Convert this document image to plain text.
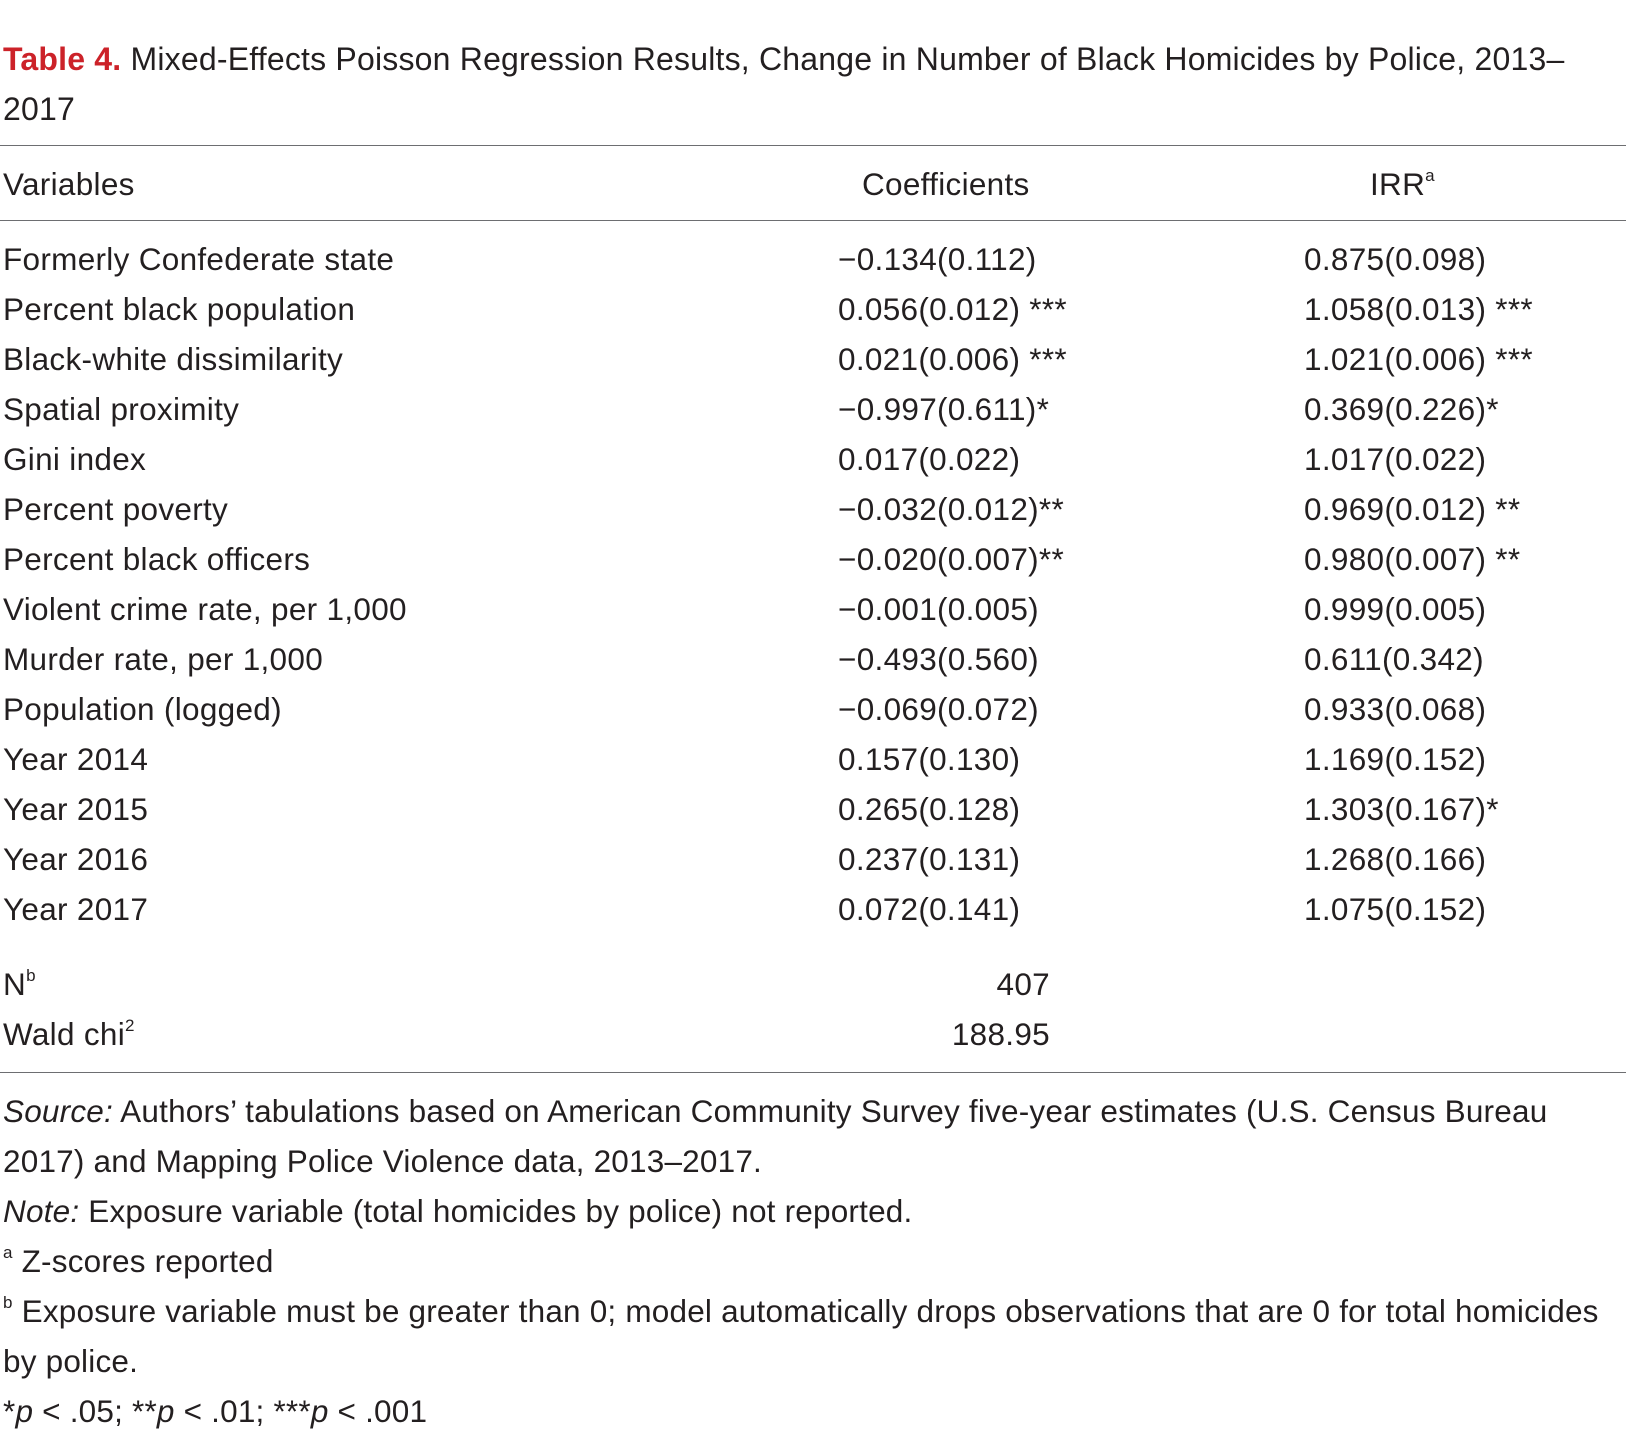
Table 4. Mixed-Effects Poisson Regression Results, Change in Number of Black Homicides by Police, 2013–2017
Variables	Coefficients	IRR$^a$
Formerly Confederate state	−0.134(0.112)	0.875(0.098)
Percent black population	0.056(0.012) ***	1.058(0.013) ***
Black-white dissimilarity	0.021(0.006) ***	1.021(0.006) ***
Spatial proximity	−0.997(0.611)*	0.369(0.226)*
Gini index	0.017(0.022)	1.017(0.022)
Percent poverty	−0.032(0.012)**	0.969(0.012) **
Percent black officers	−0.020(0.007)**	0.980(0.007) **
Violent crime rate, per 1,000	−0.001(0.005)	0.999(0.005)
Murder rate, per 1,000	−0.493(0.560)	0.611(0.342)
Population (logged)	−0.069(0.072)	0.933(0.068)
Year 2014	0.157(0.130)	1.169(0.152)
Year 2015	0.265(0.128)	1.303(0.167)*
Year 2016	0.237(0.131)	1.268(0.166)
Year 2017	0.072(0.141)	1.075(0.152)
$N^b$	407
Wald chi$^2$	188.95

Source: Authors’ tabulations based on American Community Survey five-year estimates (U.S. Census Bureau 2017) and Mapping Police Violence data, 2013–2017.

Note: Exposure variable (total homicides by police) not reported.

$^a$ Z-scores reported

$^b$ Exposure variable must be greater than 0; model automatically drops observations that are 0 for total homicides by police.

*p < .05; **p < .01; ***p < .001
